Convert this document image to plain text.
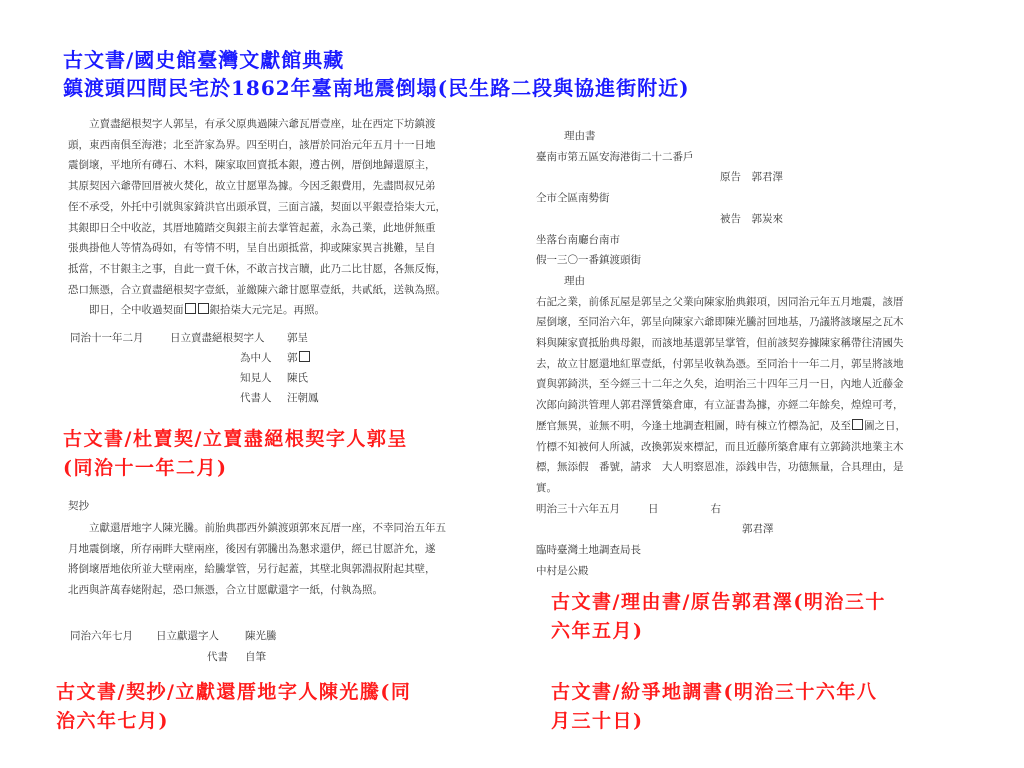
古文書/國史館臺灣文獻館典藏
鎮渡頭四間民宅於1862年臺南地震倒塌(民生路二段與協進街附近)

立賣盡絕根契字人郭呈，有承父原典過陳六爺瓦厝壹座，址在西定下坊鎮渡

頭，東西南俱至海港；北至許家為界。四至明白，該厝於同治元年五月十一日地

震倒壞，平地所有磚石、木料，陳家取回賣抵本銀，遵古例，厝倒地歸還原主，

其原契因六爺帶回厝被火焚化，故立甘愿單為據。今因乏銀費用，先盡問叔兄弟

侄不承受，外托中引就與家錡洪官出頭承買，三面言議，契面以平銀壹拾柒大元，

其銀即日仝中收訖，其厝地隨踏交與銀主前去掌管起蓋，永為己業，此地併無重

張典掛他人等情為碍如，有等情不明，呈自出頭抵當，抑或陳家異言挑難，呈自

抵當，不甘銀主之事，自此一賣千休，不敢言找言贖，此乃二比甘愿，各無反悔，

恐口無憑，合立賣盡絕根契字壹紙，並繳陳六爺甘愿單壹紙，共貳紙，送執為照。

即日，仝中收過契面 銀拾柒大元完足。再照。

同治十一年二月	日立賣盡絕根契字人 郭呈
為中人 郭
知見人 陳氏
代書人 汪朝鳳
古文書/杜賣契/立賣盡絕根契字人郭呈
(同治十一年二月)
契抄

立獻還厝地字人陳光騰。前胎典郡西外鎮渡頭郭來瓦厝一座，不幸同治五年五

月地震倒壞，所存兩畔大壁兩座，後因有郭騰出為懇求還伊，經已甘愿許允，遂

將倒壞厝地依所並大壁兩座，給騰掌管，另行起蓋，其壁北與郭淵叔附起其壁，

北西與許萬春姥附起，恐口無憑，合立甘愿獻還字一紙，付執為照。

同治六年七月 日立獻還字人 陳光騰
代書 自筆
古文書/契抄/立獻還厝地字人陳光騰(同
治六年七月)

理由書

臺南市第五區安海港街二十二番戶

原告　 郭君澤

仝市仝區南勢街

被告　 郭炭來

坐落台南廳台南市

假一三〇一番鎮渡頭街

理由

右記之業，前係瓦屋是郭呈之父業向陳家胎典銀項，因同治元年五月地震，該厝

屋倒壞，至同治六年，郭呈向陳家六爺即陳光騰討回地基，乃議將該壞屋之瓦木

料與陳家賣抵胎典母銀，而該地基還郭呈掌管，但前該契券據陳家稱帶往清國失

去，故立甘愿還地紅單壹紙，付郭呈收執為憑。至同治十一年二月，郭呈將該地

賣與郭錡洪，至今經三十二年之久矣，迨明治三十四年三月一日，內地人近藤金

次郎向錡洪管理人郭君澤賃築倉庫，有立証書為據，亦經二年餘矣，煌煌可考，

歷官無異，並無不明，今逢土地調查粗圖，時有棟立竹標為記，及至 圖之日，

竹標不知被何人所滅，改換郭炭來標記，而且近藤所築倉庫有立郭錡洪地業主木

標，無添假　番號，請求　大人明察恩准，添銭申告，功德無量，合具理由，是

實。

明治三十六年五月	日	右

郭君澤

臨時臺灣土地調查局長

中村是公殿

古文書/理由書/原告郭君澤(明治三十
六年五月)
古文書/紛爭地調書(明治三十六年八
月三十日)
